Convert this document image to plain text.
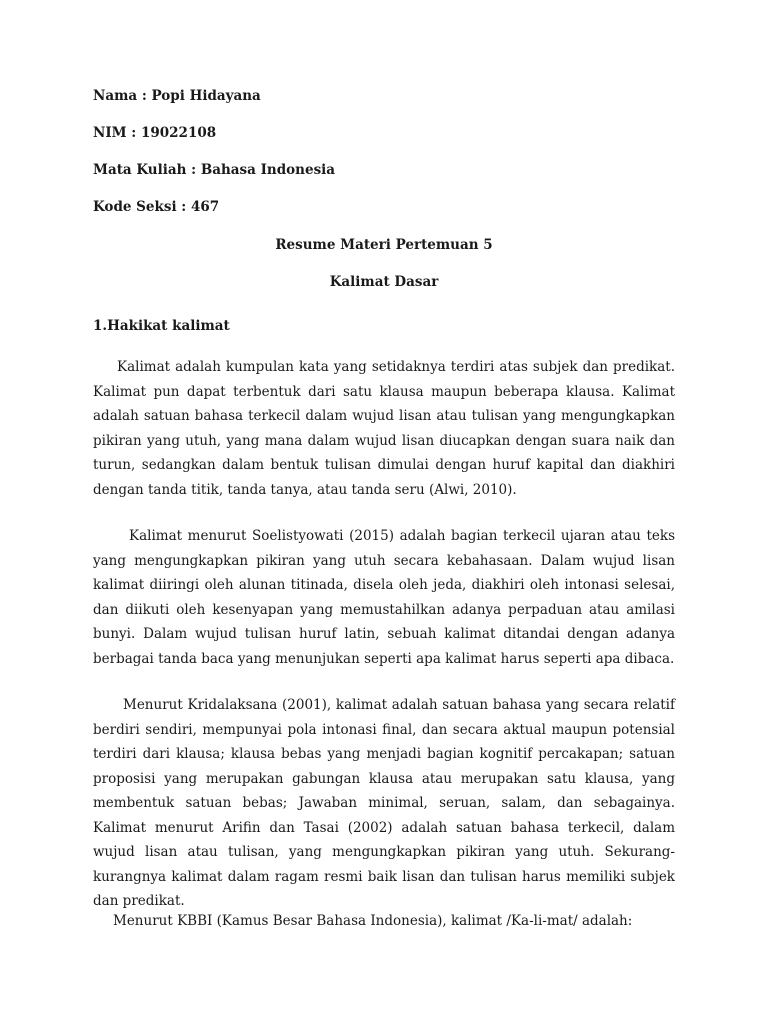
Nama : Popi Hidayana
NIM : 19022108
Mata Kuliah : Bahasa Indonesia
Kode Seksi : 467
Resume Materi Pertemuan 5
Kalimat Dasar
1.Hakikat kalimat

Kalimat adalah kumpulan kata yang setidaknya terdiri atas subjek dan predikat. Kalimat pun dapat terbentuk dari satu klausa maupun beberapa klausa. Kalimat adalah satuan bahasa terkecil dalam wujud lisan atau tulisan yang mengungkapkan pikiran yang utuh, yang mana dalam wujud lisan diucapkan dengan suara naik dan turun, sedangkan dalam bentuk tulisan dimulai dengan huruf kapital dan diakhiri dengan tanda titik, tanda tanya, atau tanda seru (Alwi, 2010).

Kalimat menurut Soelistyowati (2015) adalah bagian terkecil ujaran atau teks yang mengungkapkan pikiran yang utuh secara kebahasaan. Dalam wujud lisan kalimat diiringi oleh alunan titinada, disela oleh jeda, diakhiri oleh intonasi selesai, dan diikuti oleh kesenyapan yang memustahilkan adanya perpaduan atau amilasi bunyi. Dalam wujud tulisan huruf latin, sebuah kalimat ditandai dengan adanya berbagai tanda baca yang menunjukan seperti apa kalimat harus seperti apa dibaca.

Menurut Kridalaksana (2001), kalimat adalah satuan bahasa yang secara relatif berdiri sendiri, mempunyai pola intonasi final, dan secara aktual maupun potensial terdiri dari klausa; klausa bebas yang menjadi bagian kognitif percakapan; satuan proposisi yang merupakan gabungan klausa atau merupakan satu klausa, yang membentuk satuan bebas; Jawaban minimal, seruan, salam, dan sebagainya. Kalimat menurut Arifin dan Tasai (2002) adalah satuan bahasa terkecil, dalam wujud lisan atau tulisan, yang mengungkapkan pikiran yang utuh. Sekurang-kurangnya kalimat dalam ragam resmi baik lisan dan tulisan harus memiliki subjek dan predikat.

Menurut KBBI (Kamus Besar Bahasa Indonesia), kalimat /Ka-li-mat/ adalah:
